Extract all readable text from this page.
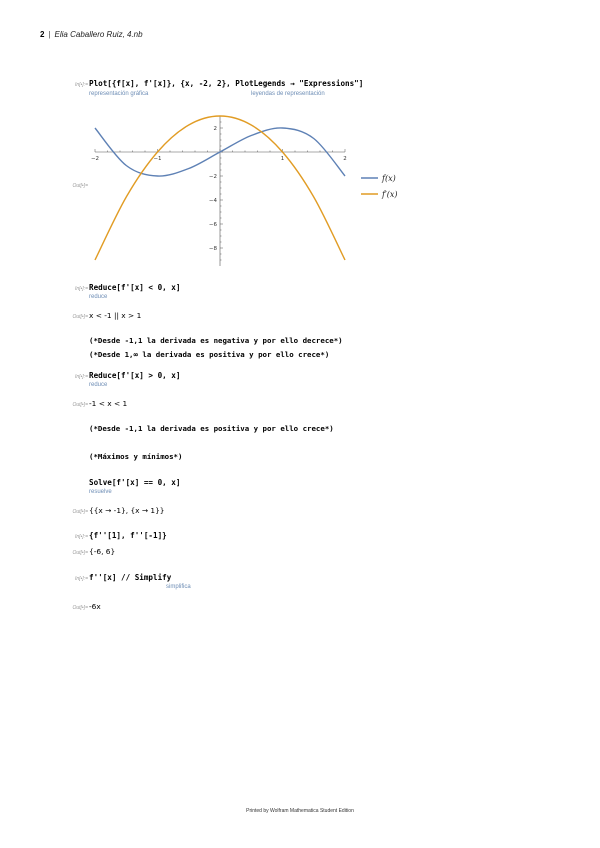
2 | Elia Caballero Ruiz, 4.nb
In[•]:= Plot[{f[x], f'[x]}, {x, -2, 2}, PlotLegends → "Expressions"]
representación gráfica	leyendas de representación
Out[•]=
−2	−1	1	2
2
−2
−4
−6
−8
f(x)
f′(x)
In[•]:= Reduce[f'[x] < 0, x]
reduce
Out[•]= x < -1 || x > 1
(*Desde -1,1 la derivada es negativa y por ello decrece*)
(*Desde 1,∞ la derivada es positiva y por ello crece*)
In[•]:= Reduce[f'[x] > 0, x]
reduce
Out[•]= -1 < x < 1
(*Desde -1,1 la derivada es positiva y por ello crece*)
(*Máximos y mínimos*)
Solve[f'[x] == 0, x]
resuelve
Out[•]= {{x → -1}, {x → 1}}
In[•]:= {f''[1], f''[-1]}
Out[•]= {-6, 6}
In[•]:= f''[x] // Simplify
simplifica
Out[•]= -6x
Printed by Wolfram Mathematica Student Edition
